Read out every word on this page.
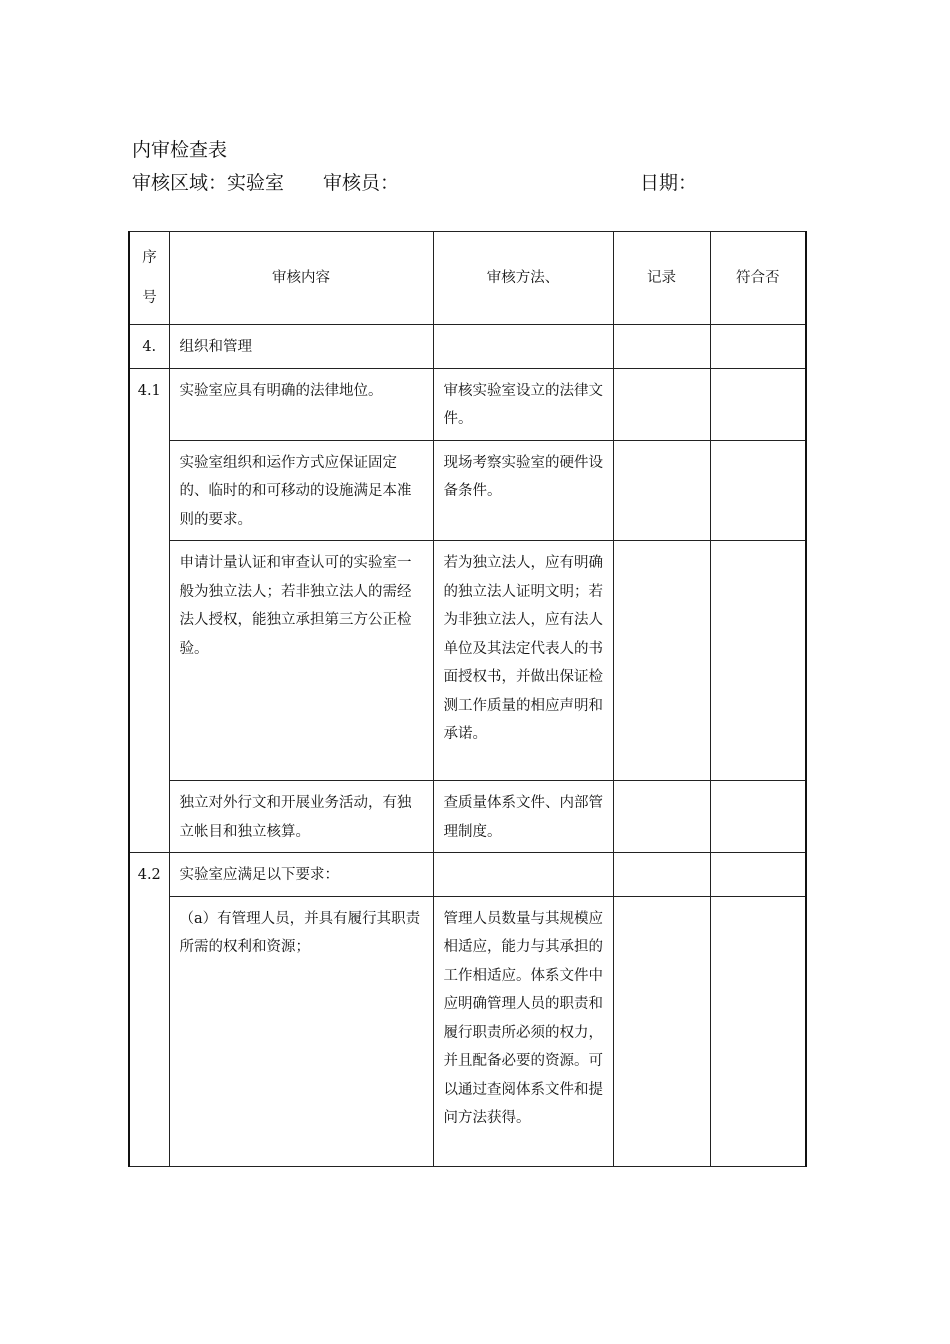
内审检查表
审核区域：实验室 审核员：	日期：
序号	审核内容	审核方法、	记录	符合否
4.	组织和管理			
4.1	实验室应具有明确的法律地位。	审核实验室设立的法律文件。		
	实验室组织和运作方式应保证固定的、临时的和可移动的设施满足本准则的要求。	现场考察实验室的硬件设备条件。		
	申请计量认证和审查认可的实验室一般为独立法人；若非独立法人的需经法人授权，能独立承担第三方公正检验。	若为独立法人，应有明确的独立法人证明文明；若为非独立法人，应有法人单位及其法定代表人的书面授权书，并做出保证检测工作质量的相应声明和承诺。		
	独立对外行文和开展业务活动，有独立帐目和独立核算。	查质量体系文件、内部管理制度。		
4.2	实验室应满足以下要求：			
	（a）有管理人员，并具有履行其职责所需的权利和资源；	管理人员数量与其规模应相适应，能力与其承担的工作相适应。体系文件中应明确管理人员的职责和履行职责所必须的权力，并且配备必要的资源。可以通过查阅体系文件和提问方法获得。		
